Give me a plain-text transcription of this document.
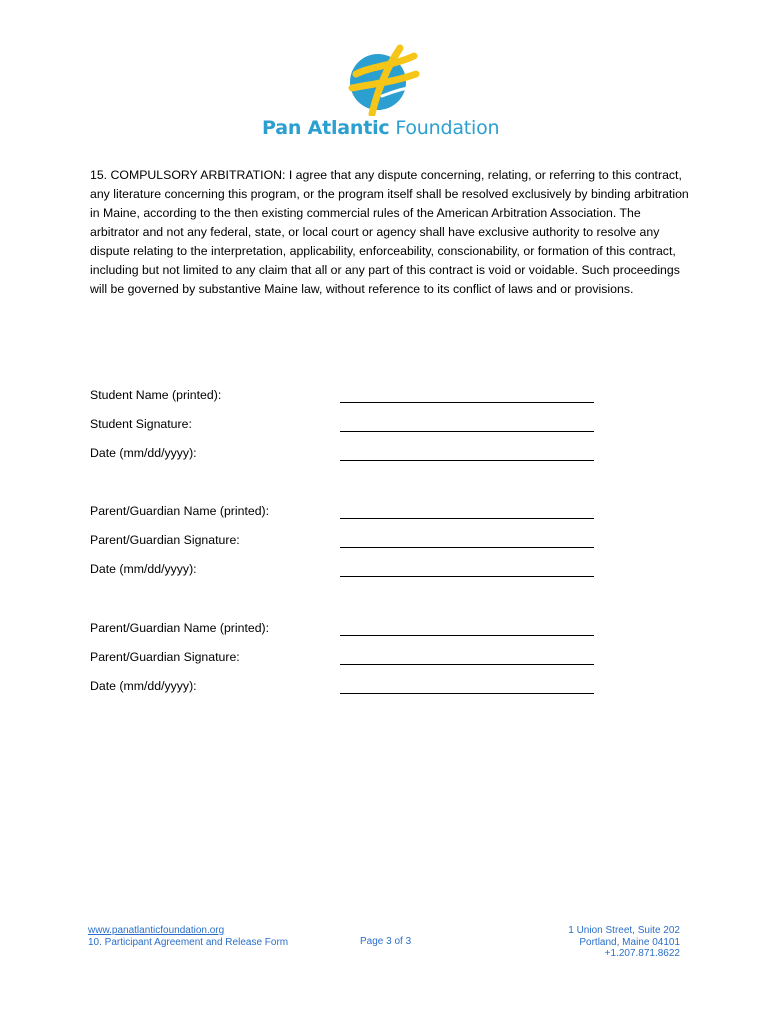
Pan Atlantic Foundation

15. COMPULSORY ARBITRATION: I agree that any dispute concerning, relating, or referring to this contract, any literature concerning this program, or the program itself shall be resolved exclusively by binding arbitration in Maine, according to the then existing commercial rules of the American Arbitration Association. The arbitrator and not any federal, state, or local court or agency shall have exclusive authority to resolve any dispute relating to the interpretation, applicability, enforceability, conscionability, or formation of this contract, including but not limited to any claim that all or any part of this contract is void or voidable. Such proceedings will be governed by substantive Maine law, without reference to its conflict of laws and or provisions.

Student Name (printed):
Student Signature:
Date (mm/dd/yyyy):
Parent/Guardian Name (printed):
Parent/Guardian Signature:
Date (mm/dd/yyyy):
Parent/Guardian Name (printed):
Parent/Guardian Signature:
Date (mm/dd/yyyy):
www.panatlanticfoundation.org
10. Participant Agreement and Release Form	Page 3 of 3
1 Union Street, Suite 202
Portland, Maine 04101
+1.207.871.8622
